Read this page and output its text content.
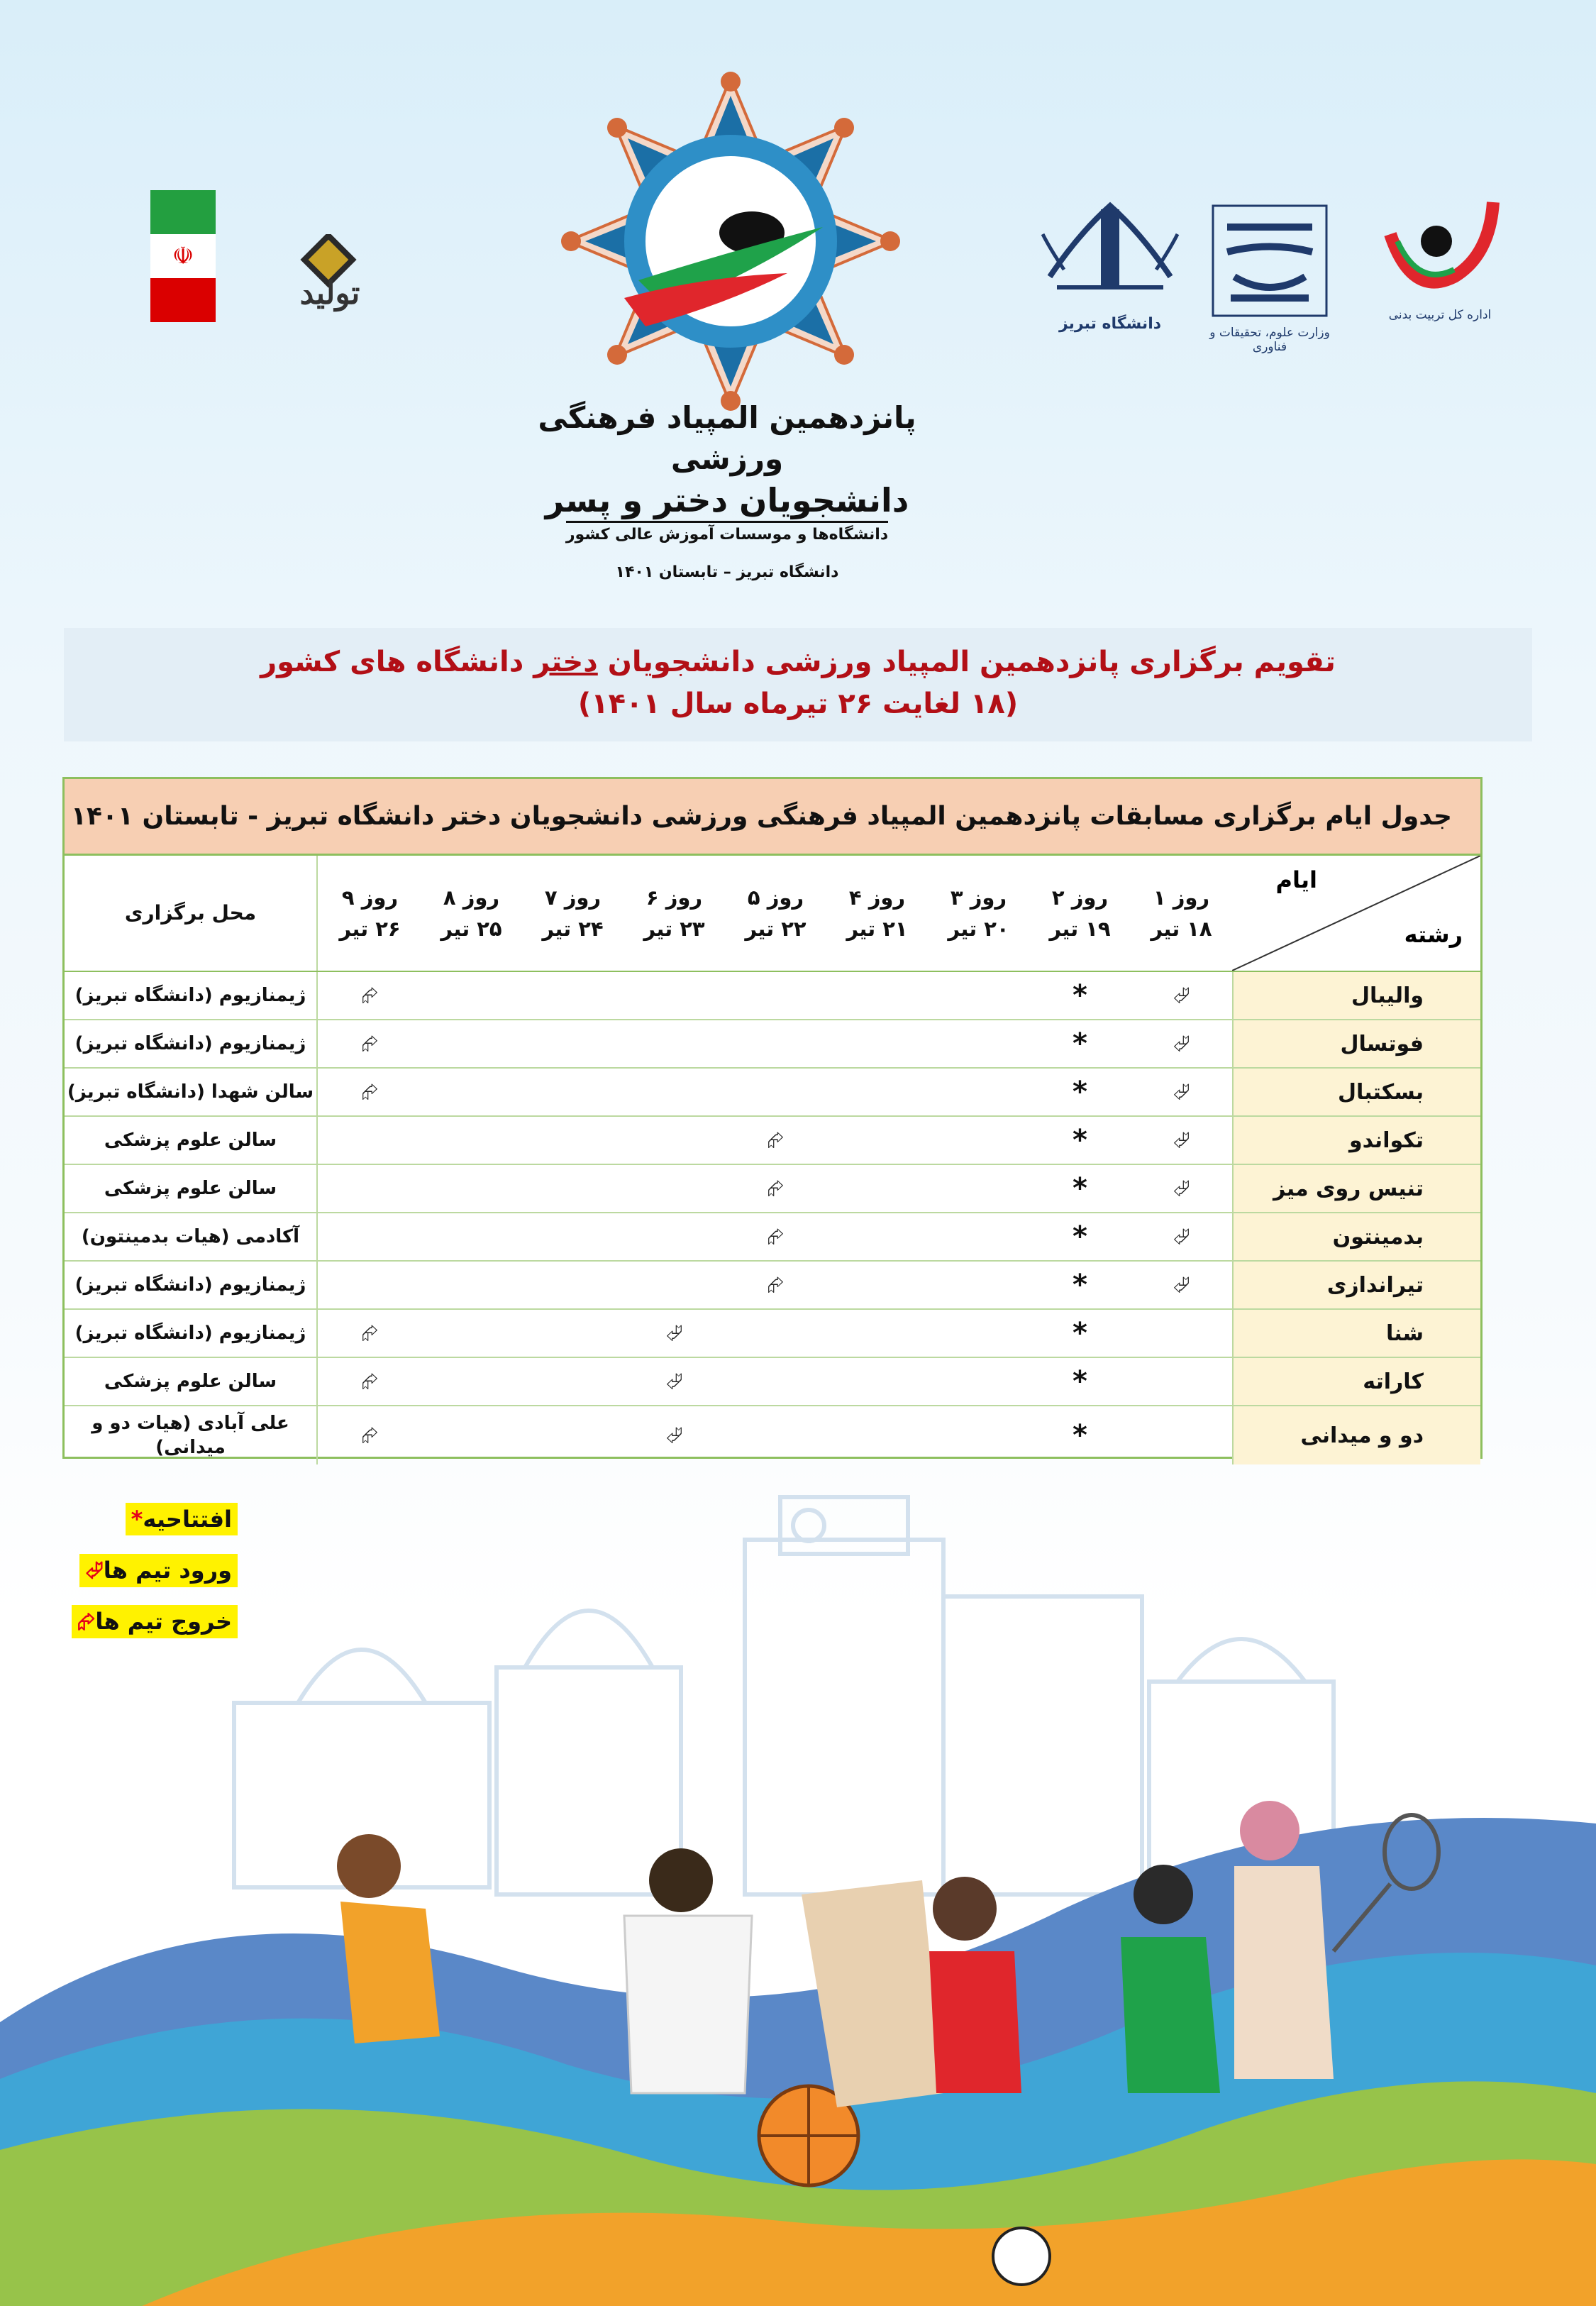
☫
تولید
پانزدهمین المپیاد فرهنگی ورزشی
دانشجویان دختر و پسر
دانشگاه‌ها و موسسات آموزش عالی کشور
دانشگاه تبریز – تابستان ۱۴۰۱
دانشگاه تبریز	وزارت علوم، تحقیقات و فناوری
اداره کل تربیت بدنی
تقویم برگزاری پانزدهمین المپیاد ورزشی دانشجویان دختر دانشگاه های کشور
(۱۸ لغایت ۲۶ تیرماه سال ۱۴۰۱)
جدول ایام برگزاری مسابقات پانزدهمین المپیاد فرهنگی ورزشی دانشجویان دختر دانشگاه تبریز - تابستان ۱۴۰۱
ایام
رشته
محل برگزاری
روز ۱
۱۸ تیر
روز ۲
۱۹ تیر
روز ۳
۲۰ تیر
روز ۴
۲۱ تیر
روز ۵
۲۲ تیر
روز ۶
۲۳ تیر
روز ۷
۲۴ تیر
روز ۸
۲۵ تیر
روز ۹
۲۶ تیر
والیبال
⮰
*
⮳
ژیمنازیوم (دانشگاه تبریز)
فوتسال
⮰
*
⮳
ژیمنازیوم (دانشگاه تبریز)
بسکتبال
⮰
*
⮳
سالن شهدا (دانشگاه تبریز)
تکواندو
⮰
*
⮳
سالن علوم پزشکی
تنیس روی میز
⮰
*
⮳
سالن علوم پزشکی
بدمینتون
⮰
*
⮳
آکادمی (هیات بدمینتون)
تیراندازی
⮰
*
⮳
ژیمنازیوم (دانشگاه تبریز)
شنا
*
⮰
⮳
ژیمنازیوم (دانشگاه تبریز)
کاراته
*
⮰
⮳
سالن علوم پزشکی
دو و میدانی
*
⮰
⮳
علی آبادی (هیات دو و میدانی)
افتتاحیه*
ورود تیم ها⮰
خروج تیم ها⮳
